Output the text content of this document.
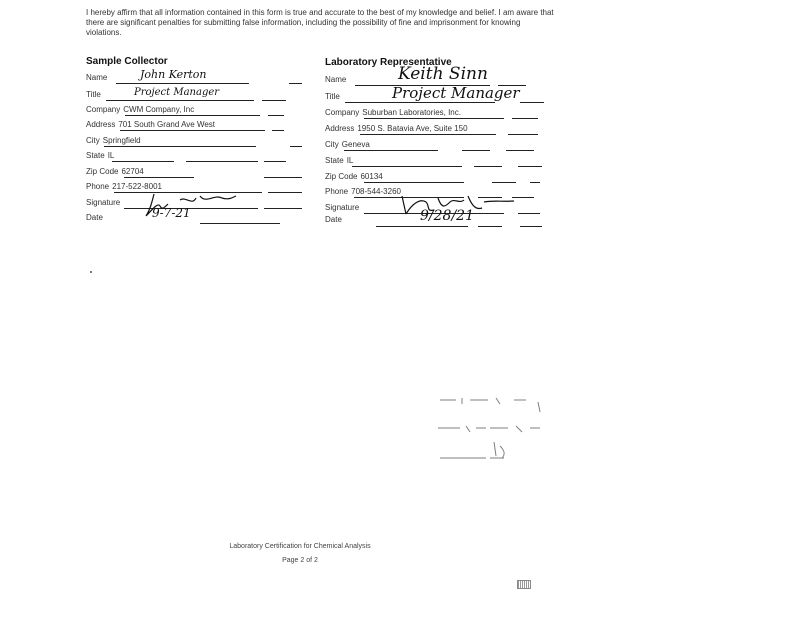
I hereby affirm that all information contained in this form is true and accurate to the best of my knowledge and belief. I am aware that there are significant penalties for submitting false information, including the possibility of fine and imprisonment for knowing violations.
Sample Collector
Name	John Kerton
Title	Project Manager
Company CWM Company, Inc
Address 701 South Grand Ave West
City Springfield
State IL
Zip Code 62704
Phone 217-522-8001
Signature
Date	9-7-21
Laboratory Representative
Name	Keith Sinn
Title	Project Manager
Company Suburban Laboratories, Inc.
Address 1950 S. Batavia Ave, Suite 150
City Geneva
State IL
Zip Code 60134
Phone 708-544-3260
Signature
Date	9/28/21
Laboratory Certification for Chemical Analysis
Page 2 of 2
